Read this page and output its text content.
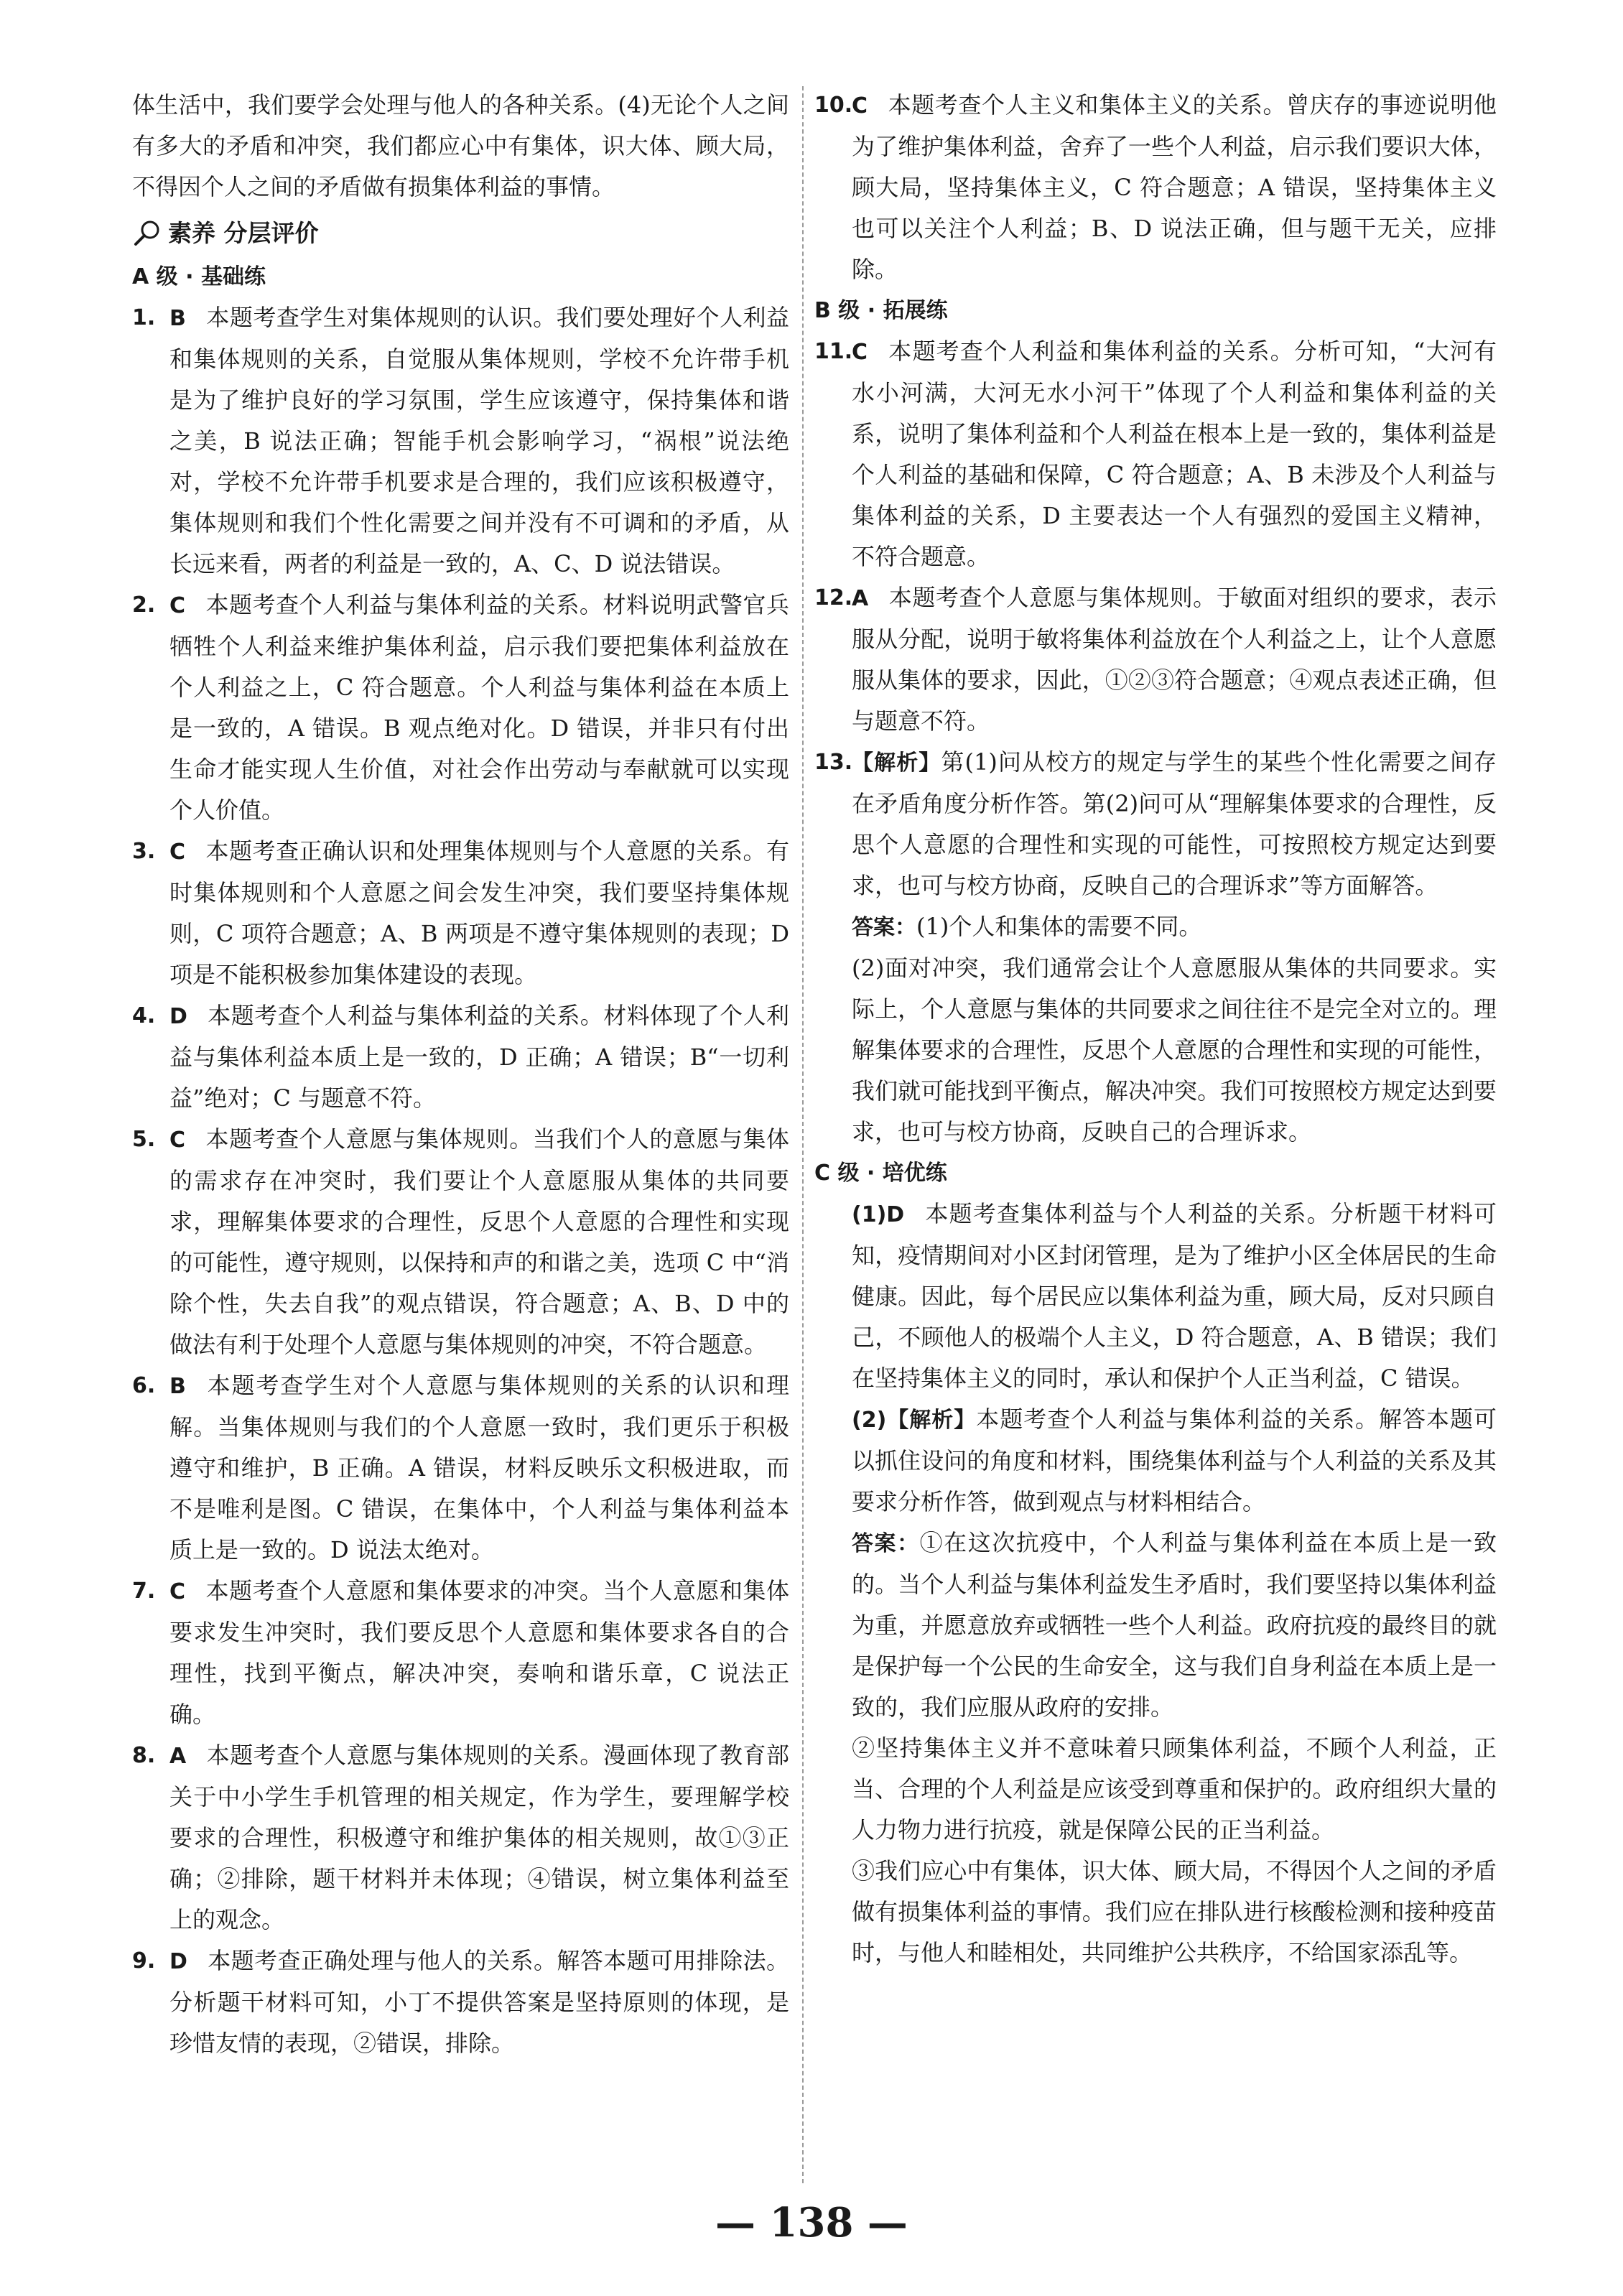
体生活中，我们要学会处理与他人的各种关系。(4)无论个人之间有多大的矛盾和冲突，我们都应心中有集体，识大体、顾大局，不得因个人之间的矛盾做有损集体利益的事情。
素养 分层评价
A 级 · 基础练
1. B 本题考查学生对集体规则的认识。我们要处理好个人利益和集体规则的关系，自觉服从集体规则，学校不允许带手机是为了维护良好的学习氛围，学生应该遵守，保持集体和谐之美，B 说法正确；智能手机会影响学习，“祸根”说法绝对，学校不允许带手机要求是合理的，我们应该积极遵守，集体规则和我们个性化需要之间并没有不可调和的矛盾，从长远来看，两者的利益是一致的，A、C、D 说法错误。
2. C 本题考查个人利益与集体利益的关系。材料说明武警官兵牺牲个人利益来维护集体利益，启示我们要把集体利益放在个人利益之上，C 符合题意。个人利益与集体利益在本质上是一致的，A 错误。B 观点绝对化。D 错误，并非只有付出生命才能实现人生价值，对社会作出劳动与奉献就可以实现个人价值。
3. C 本题考查正确认识和处理集体规则与个人意愿的关系。有时集体规则和个人意愿之间会发生冲突，我们要坚持集体规则，C 项符合题意；A、B 两项是不遵守集体规则的表现；D 项是不能积极参加集体建设的表现。
4. D 本题考查个人利益与集体利益的关系。材料体现了个人利益与集体利益本质上是一致的，D 正确；A 错误；B“一切利益”绝对；C 与题意不符。
5. C 本题考查个人意愿与集体规则。当我们个人的意愿与集体的需求存在冲突时，我们要让个人意愿服从集体的共同要求，理解集体要求的合理性，反思个人意愿的合理性和实现的可能性，遵守规则，以保持和声的和谐之美，选项 C 中“消除个性，失去自我”的观点错误，符合题意；A、B、D 中的做法有利于处理个人意愿与集体规则的冲突，不符合题意。
6. B 本题考查学生对个人意愿与集体规则的关系的认识和理解。当集体规则与我们的个人意愿一致时，我们更乐于积极遵守和维护，B 正确。A 错误，材料反映乐文积极进取，而不是唯利是图。C 错误，在集体中，个人利益与集体利益本质上是一致的。D 说法太绝对。
7. C 本题考查个人意愿和集体要求的冲突。当个人意愿和集体要求发生冲突时，我们要反思个人意愿和集体要求各自的合理性，找到平衡点，解决冲突，奏响和谐乐章，C 说法正确。
8. A 本题考查个人意愿与集体规则的关系。漫画体现了教育部关于中小学生手机管理的相关规定，作为学生，要理解学校要求的合理性，积极遵守和维护集体的相关规则，故①③正确；②排除，题干材料并未体现；④错误，树立集体利益至上的观念。
9. D 本题考查正确处理与他人的关系。解答本题可用排除法。分析题干材料可知，小丁不提供答案是坚持原则的体现，是珍惜友情的表现，②错误，排除。
10.
C 本题考查个人主义和集体主义的关系。曾庆存的事迹说明他为了维护集体利益，舍弃了一些个人利益，启示我们要识大体，顾大局，坚持集体主义，C 符合题意；A 错误，坚持集体主义也可以关注个人利益；B、D 说法正确，但与题干无关，应排除。
B 级 · 拓展练
11.
C 本题考查个人利益和集体利益的关系。分析可知，“大河有水小河满，大河无水小河干”体现了个人利益和集体利益的关系，说明了集体利益和个人利益在根本上是一致的，集体利益是个人利益的基础和保障，C 符合题意；A、B 未涉及个人利益与集体利益的关系，D 主要表达一个人有强烈的爱国主义精神，不符合题意。
12.
A 本题考查个人意愿与集体规则。于敏面对组织的要求，表示服从分配，说明于敏将集体利益放在个人利益之上，让个人意愿服从集体的要求，因此，①②③符合题意；④观点表述正确，但与题意不符。
13.
【解析】第(1)问从校方的规定与学生的某些个性化需要之间存在矛盾角度分析作答。第(2)问可从“理解集体要求的合理性，反思个人意愿的合理性和实现的可能性，可按照校方规定达到要求，也可与校方协商，反映自己的合理诉求”等方面解答。
答案：(1)个人和集体的需要不同。
(2)面对冲突，我们通常会让个人意愿服从集体的共同要求。实际上，个人意愿与集体的共同要求之间往往不是完全对立的。理解集体要求的合理性，反思个人意愿的合理性和实现的可能性，我们就可能找到平衡点，解决冲突。我们可按照校方规定达到要求，也可与校方协商，反映自己的合理诉求。
C 级 · 培优练
(1)D 本题考查集体利益与个人利益的关系。分析题干材料可知，疫情期间对小区封闭管理，是为了维护小区全体居民的生命健康。因此，每个居民应以集体利益为重，顾大局，反对只顾自己，不顾他人的极端个人主义，D 符合题意，A、B 错误；我们在坚持集体主义的同时，承认和保护个人正当利益，C 错误。
(2)【解析】本题考查个人利益与集体利益的关系。解答本题可以抓住设问的角度和材料，围绕集体利益与个人利益的关系及其要求分析作答，做到观点与材料相结合。
答案：①在这次抗疫中，个人利益与集体利益在本质上是一致的。当个人利益与集体利益发生矛盾时，我们要坚持以集体利益为重，并愿意放弃或牺牲一些个人利益。政府抗疫的最终目的就是保护每一个公民的生命安全，这与我们自身利益在本质上是一致的，我们应服从政府的安排。
②坚持集体主义并不意味着只顾集体利益，不顾个人利益，正当、合理的个人利益是应该受到尊重和保护的。政府组织大量的人力物力进行抗疫，就是保障公民的正当利益。
③我们应心中有集体，识大体、顾大局，不得因个人之间的矛盾做有损集体利益的事情。我们应在排队进行核酸检测和接种疫苗时，与他人和睦相处，共同维护公共秩序，不给国家添乱等。
— 138 —
